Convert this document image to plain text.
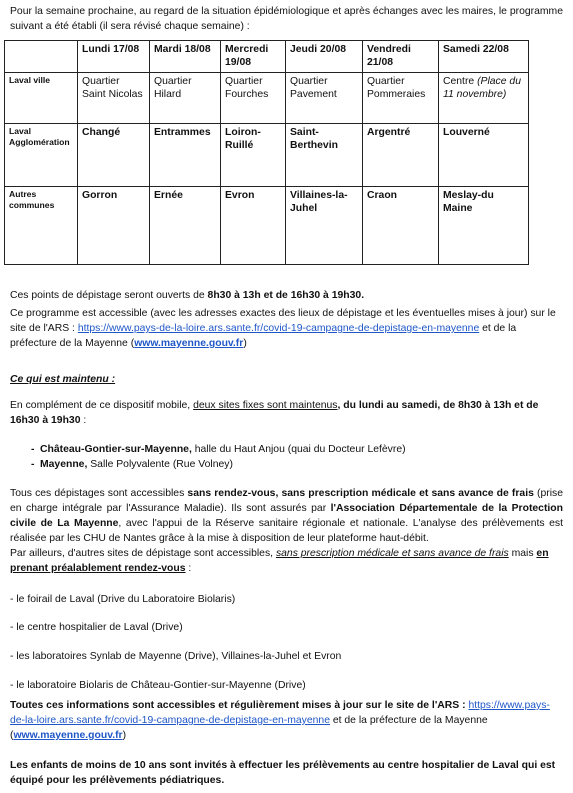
Pour la semaine prochaine, au regard de la situation épidémiologique et après échanges avec les maires, le programme suivant a été établi (il sera révisé chaque semaine) :

	Lundi 17/08	Mardi 18/08	Mercredi 19/08	Jeudi 20/08	Vendredi 21/08	Samedi 22/08
Laval ville	Quartier Saint Nicolas	Quartier Hilard	Quartier Fourches	Quartier Pavement	Quartier Pommeraies	Centre (Place du 11 novembre)
Laval Agglomération	Changé	Entrammes	Loiron-Ruillé	Saint-Berthevin	Argentré	Louverné
Autres communes	Gorron	Ernée	Evron	Villaines-la-Juhel	Craon	Meslay-du Maine

Ces points de dépistage seront ouverts de 8h30 à 13h et de 16h30 à 19h30.

Ce programme est accessible (avec les adresses exactes des lieux de dépistage et les éventuelles mises à jour) sur le site de l'ARS : https://www.pays-de-la-loire.ars.sante.fr/covid-19-campagne-de-depistage-en-mayenne et de la préfecture de la Mayenne (www.mayenne.gouv.fr)

Ce qui est maintenu :

En complément de ce dispositif mobile, deux sites fixes sont maintenus, du lundi au samedi, de 8h30 à 13h et de 16h30 à 19h30 :

- Château-Gontier-sur-Mayenne, halle du Haut Anjou (quai du Docteur Lefèvre)
- Mayenne, Salle Polyvalente (Rue Volney)

Tous ces dépistages sont accessibles sans rendez-vous, sans prescription médicale et sans avance de frais (prise en charge intégrale par l'Assurance Maladie). Ils sont assurés par l'Association Départementale de la Protection civile de La Mayenne, avec l'appui de la Réserve sanitaire régionale et nationale. L'analyse des prélèvements est réalisée par les CHU de Nantes grâce à la mise à disposition de leur plateforme haut-débit.

Par ailleurs, d'autres sites de dépistage sont accessibles, sans prescription médicale et sans avance de frais mais en prenant préalablement rendez-vous :

- le foirail de Laval (Drive du Laboratoire Biolaris)

- le centre hospitalier de Laval (Drive)

- les laboratoires Synlab de Mayenne (Drive), Villaines-la-Juhel et Evron

- le laboratoire Biolaris de Château-Gontier-sur-Mayenne (Drive)

Toutes ces informations sont accessibles et régulièrement mises à jour sur le site de l'ARS : https://www.pays-de-la-loire.ars.sante.fr/covid-19-campagne-de-depistage-en-mayenne et de la préfecture de la Mayenne (www.mayenne.gouv.fr)

Les enfants de moins de 10 ans sont invités à effectuer les prélèvements au centre hospitalier de Laval qui est équipé pour les prélèvements pédiatriques.
